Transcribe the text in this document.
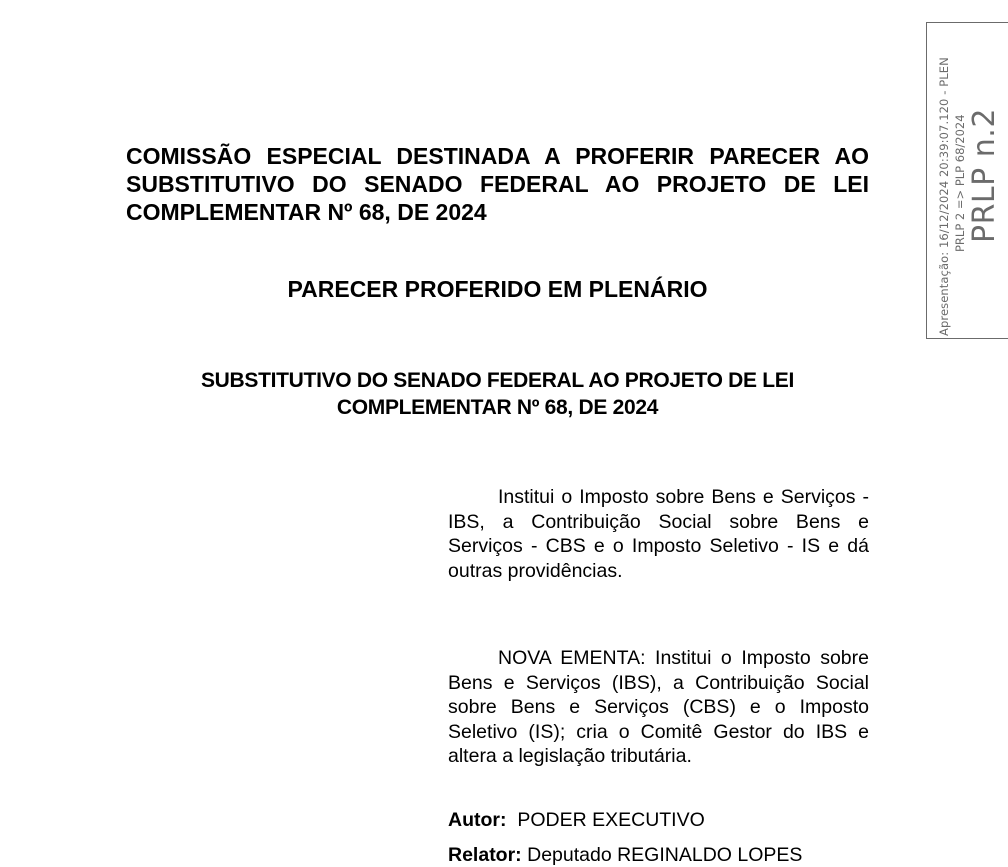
COMISSÃO ESPECIAL DESTINADA A PROFERIR PARECER AO SUBSTITUTIVO DO SENADO FEDERAL AO PROJETO DE LEI COMPLEMENTAR Nº 68, DE 2024
PARECER PROFERIDO EM PLENÁRIO
SUBSTITUTIVO DO SENADO FEDERAL AO PROJETO DE LEI
COMPLEMENTAR Nº 68, DE 2024
Institui o Imposto sobre Bens e Serviços - IBS, a Contribuição Social sobre Bens e Serviços - CBS e o Imposto Seletivo - IS e dá outras providências.
NOVA EMENTA: Institui o Imposto sobre Bens e Serviços (IBS), a Contribuição Social sobre Bens e Serviços (CBS) e o Imposto Seletivo (IS); cria o Comitê Gestor do IBS e altera a legislação tributária.
Autor: PODER EXECUTIVO
Relator: Deputado REGINALDO LOPES
Apresentação: 16/12/2024 20:39:07.120 - PLEN PRLP 2 => PLP 68/2024 PRLP n.2
